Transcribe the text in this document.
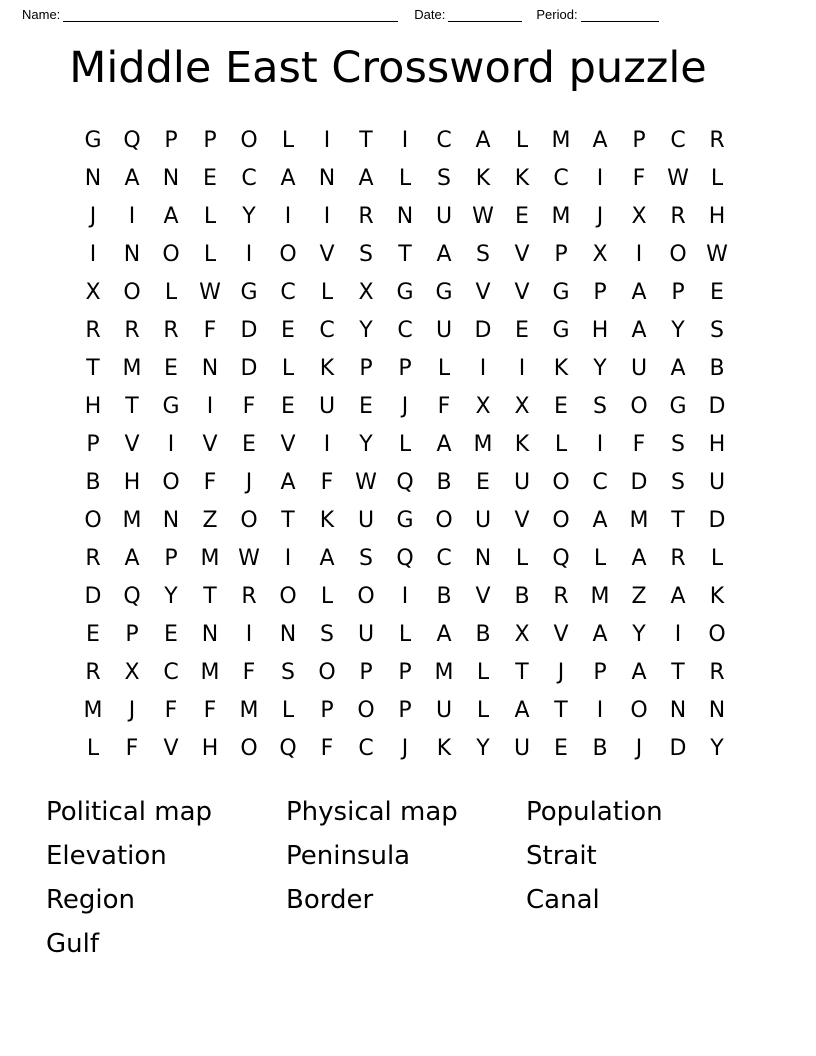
Name:	Date:	Period:
Middle East Crossword puzzle
G Q	P	P	O	L	I	T	I	C	A	L	M A	P	C	R
N	A	N	E	C	A	N	A	L	S	K	K	C	I	F W L
J	I	A	L	Y	I	I	R	N	U W E	M	J	X	R	H
I	N	O	L	I	O	V	S	T	A	S	V	P	X	I	O W
X	O	L W G	C	L	X	G G	V	V	G	P	A	P	E
R	R	R	F	D	E	C	Y	C	U	D	E	G	H	A	Y	S
T	M	E	N	D	L	K	P	P	L	I	I	K	Y	U	A	B
H	T	G	I	F	E	U	E	J	F	X	X	E	S	O G D
P	V	I	V	E	V	I	Y	L	A M	K	L	I	F	S	H
B	H	O	F	J	A	F W Q	B	E	U	O	C	D	S	U
O M N	Z	O	T	K	U	G O	U	V	O	A M	T	D
R	A	P	M W	I	A	S	Q	C	N	L	Q	L	A	R	L
D Q	Y	T	R	O	L	O	I	B	V	B	R M Z	A	K
E	P	E	N	I	N	S	U	L	A	B	X	V	A	Y	I	O
R	X	C M	F	S	O	P	P	M	L	T	J	P	A	T	R
M	J	F	F	M	L	P	O	P	U	L	A	T	I	O	N	N
L	F	V	H	O Q	F	C	J	K	Y	U	E	B	J	D	Y
Political map
Elevation
Region
Gulf
Physical map
Peninsula
Border
Population
Strait
Canal
